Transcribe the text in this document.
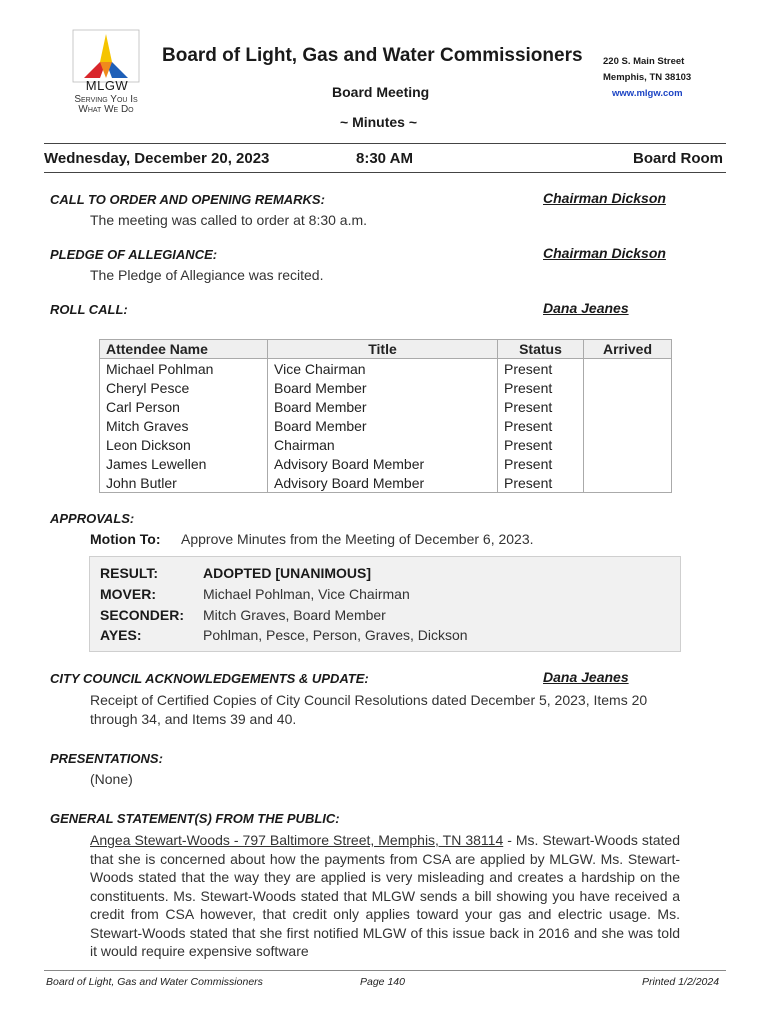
MLGW
Serving You Is
What We Do
Board of Light, Gas and Water Commissioners 220 S. Main Street
Memphis, TN 38103
www.mlgw.com
Board Meeting
~ Minutes ~
Wednesday, December 20, 2023	8:30 AM	Board Room
CALL TO ORDER AND OPENING REMARKS:	Chairman Dickson
The meeting was called to order at 8:30 a.m.
PLEDGE OF ALLEGIANCE:	Chairman Dickson
The Pledge of Allegiance was recited.
ROLL CALL:	Dana Jeanes
Attendee Name	Title	Status	Arrived
Michael Pohlman	Vice Chairman	Present	
Cheryl Pesce	Board Member	Present	
Carl Person	Board Member	Present	
Mitch Graves	Board Member	Present	
Leon Dickson	Chairman	Present	
James Lewellen	Advisory Board Member	Present	
John Butler	Advisory Board Member	Present	
APPROVALS:
Motion To: Approve Minutes from the Meeting of December 6, 2023.
RESULT:	ADOPTED [UNANIMOUS]
MOVER:	Michael Pohlman, Vice Chairman
SECONDER: Mitch Graves, Board Member
AYES:	Pohlman, Pesce, Person, Graves, Dickson
CITY COUNCIL ACKNOWLEDGEMENTS & UPDATE:	Dana Jeanes
Receipt of Certified Copies of City Council Resolutions dated December 5, 2023, Items 20 through 34, and Items 39 and 40.
PRESENTATIONS:
(None)
GENERAL STATEMENT(S) FROM THE PUBLIC:
Angea Stewart-Woods - 797 Baltimore Street, Memphis, TN 38114 - Ms. Stewart-Woods stated that she is concerned about how the payments from CSA are applied by MLGW. Ms. Stewart-Woods stated that the way they are applied is very misleading and creates a hardship on the constituents. Ms. Stewart-Woods stated that MLGW sends a bill showing you have received a credit from CSA however, that credit only applies toward your gas and electric usage. Ms. Stewart-Woods stated that she first notified MLGW of this issue back in 2016 and she was told it would require expensive software
Board of Light, Gas and Water Commissioners	Page 140	Printed 1/2/2024
